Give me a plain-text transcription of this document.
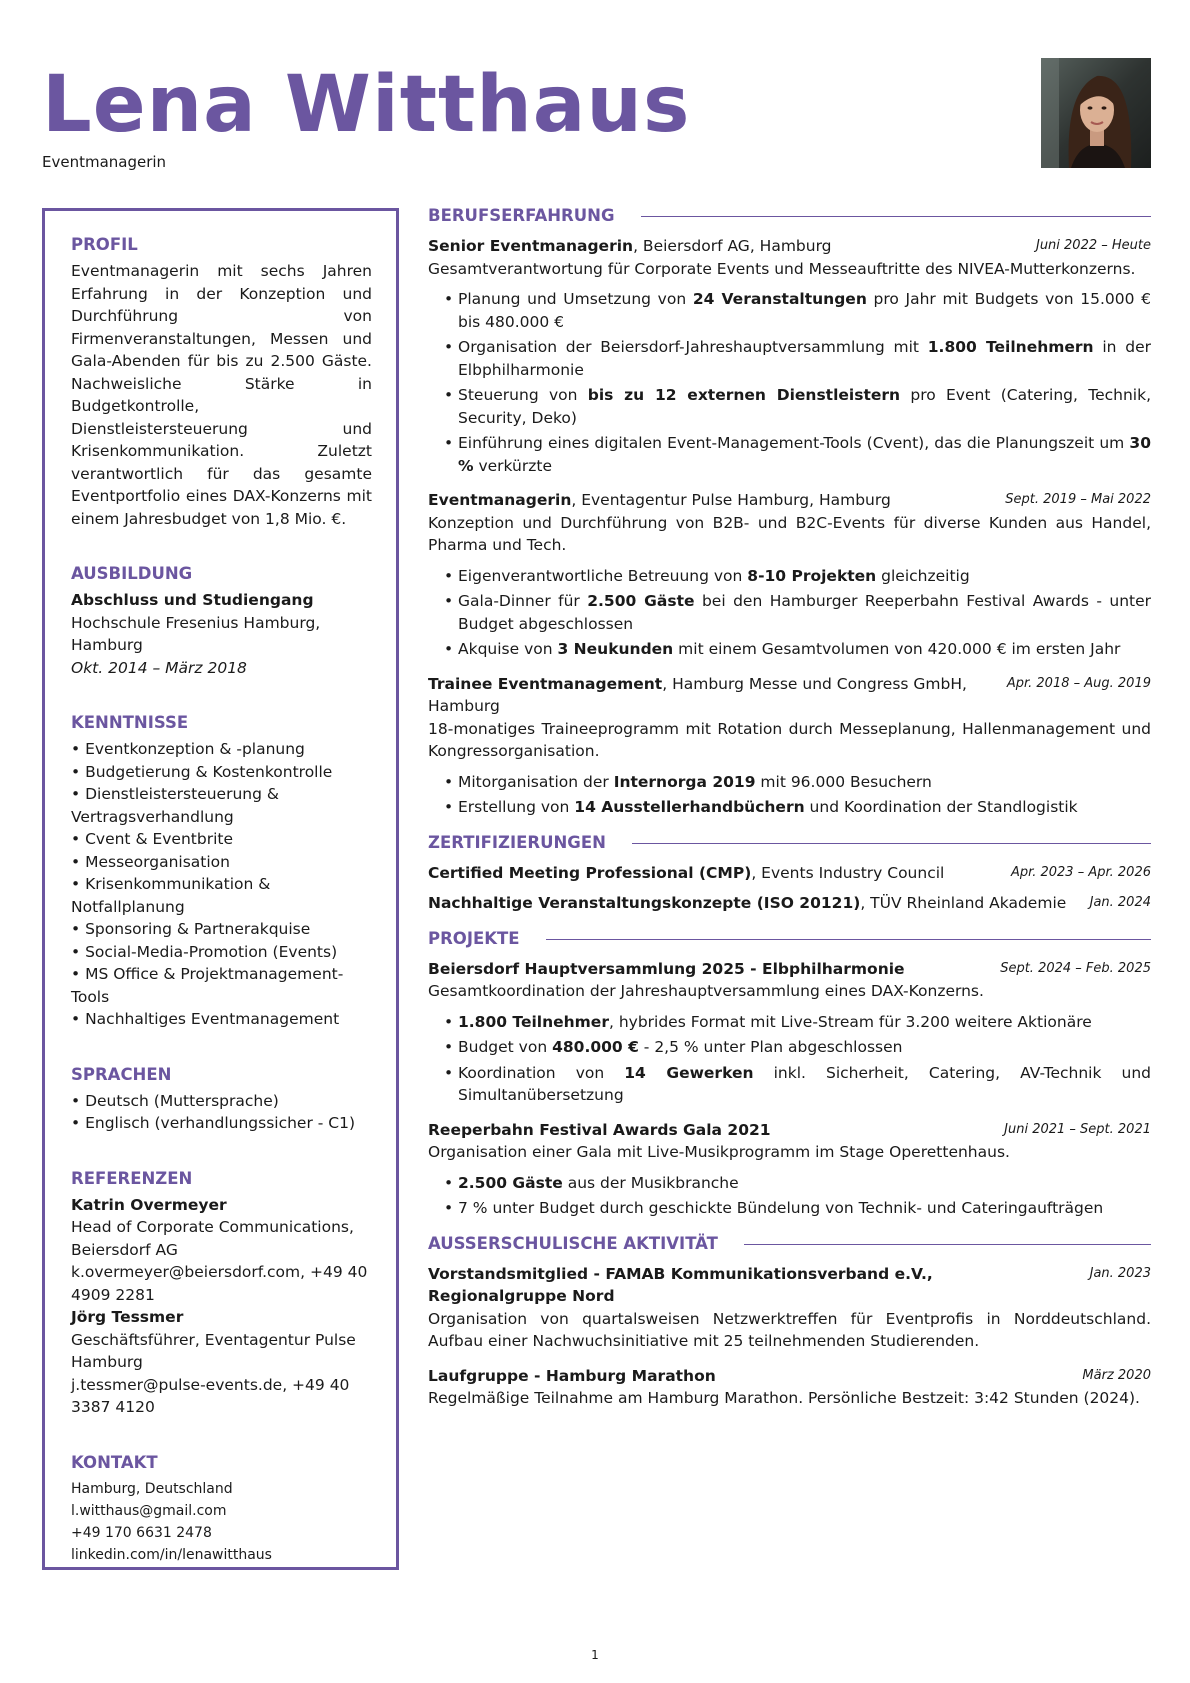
Lena Witthaus
Eventmanagerin
PROFIL

Eventmanagerin mit sechs Jahren Erfahrung in der Konzeption und Durchführung von Firmenveranstaltungen, Messen und Gala-Abenden für bis zu 2.500 Gäste. Nachweisliche Stärke in Budgetkontrolle, Dienstleistersteuerung und Krisenkommunikation. Zuletzt verantwortlich für das gesamte Eventportfolio eines DAX-Konzerns mit einem Jahresbudget von 1,8 Mio. €.

AUSBILDUNG
Abschluss und Studiengang
Hochschule Fresenius Hamburg, Hamburg
Okt. 2014 – März 2018
KENNTNISSE
• Eventkonzeption & -planung
• Budgetierung & Kostenkontrolle
• Dienstleistersteuerung & Vertragsverhandlung
• Cvent & Eventbrite
• Messeorganisation
• Krisenkommunikation & Notfallplanung
• Sponsoring & Partnerakquise
• Social-Media-Promotion (Events)
• MS Office & Projektmanagement-Tools
• Nachhaltiges Eventmanagement
SPRACHEN
• Deutsch (Muttersprache)
• Englisch (verhandlungssicher - C1)
REFERENZEN
Katrin Overmeyer
Head of Corporate Communications, Beiersdorf AG
k.overmeyer@beiersdorf.com, +49 40 4909 2281
Jörg Tessmer
Geschäftsführer, Eventagentur Pulse Hamburg
j.tessmer@pulse-events.de, +49 40 3387 4120
KONTAKT
Hamburg, Deutschland
l.witthaus@gmail.com
+49 170 6631 2478
linkedin.com/in/lenawitthaus
BERUFSERFAHRUNG
Senior Eventmanagerin, Beiersdorf AG, Hamburg	Juni 2022 – Heute

Gesamtverantwortung für Corporate Events und Messeauftritte des NIVEA-Mutterkonzerns.

• Planung und Umsetzung von 24 Veranstaltungen pro Jahr mit Budgets von 15.000 € bis 480.000 €
• Organisation der Beiersdorf-Jahreshauptversammlung mit 1.800 Teilnehmern in der Elbphilharmonie
• Steuerung von bis zu 12 externen Dienstleistern pro Event (Catering, Technik, Security, Deko)
• Einführung eines digitalen Event-Management-Tools (Cvent), das die Planungszeit um 30 % verkürzte
Eventmanagerin, Eventagentur Pulse Hamburg, Hamburg	Sept. 2019 – Mai 2022

Konzeption und Durchführung von B2B- und B2C-Events für diverse Kunden aus Handel, Pharma und Tech.

• Eigenverantwortliche Betreuung von 8-10 Projekten gleichzeitig
• Gala-Dinner für 2.500 Gäste bei den Hamburger Reeperbahn Festival Awards - unter Budget abgeschlossen
• Akquise von 3 Neukunden mit einem Gesamtvolumen von 420.000 € im ersten Jahr
Trainee Eventmanagement, Hamburg Messe und Congress GmbH, Hamburg
Apr. 2018 – Aug. 2019

18-monatiges Traineeprogramm mit Rotation durch Messeplanung, Hallenmanagement und Kongressorganisation.

• Mitorganisation der Internorga 2019 mit 96.000 Besuchern
• Erstellung von 14 Ausstellerhandbüchern und Koordination der Standlogistik
ZERTIFIZIERUNGEN
Certified Meeting Professional (CMP), Events Industry Council	Apr. 2023 – Apr. 2026
Nachhaltige Veranstaltungskonzepte (ISO 20121), TÜV Rheinland Akademie Jan. 2024
PROJEKTE
Beiersdorf Hauptversammlung 2025 - Elbphilharmonie	Sept. 2024 – Feb. 2025

Gesamtkoordination der Jahreshauptversammlung eines DAX-Konzerns.

• 1.800 Teilnehmer, hybrides Format mit Live-Stream für 3.200 weitere Aktionäre
• Budget von 480.000 € - 2,5 % unter Plan abgeschlossen
• Koordination von 14 Gewerken inkl. Sicherheit, Catering, AV-Technik und Simultanübersetzung
Reeperbahn Festival Awards Gala 2021	Juni 2021 – Sept. 2021

Organisation einer Gala mit Live-Musikprogramm im Stage Operettenhaus.

• 2.500 Gäste aus der Musikbranche
• 7 % unter Budget durch geschickte Bündelung von Technik- und Cateringaufträgen
AUSSERSCHULISCHE AKTIVITÄT
Vorstandsmitglied - FAMAB Kommunikationsverband e.V., Regionalgruppe Nord
Jan. 2023

Organisation von quartalsweisen Netzwerktreffen für Eventprofis in Norddeutschland. Aufbau einer Nachwuchsinitiative mit 25 teilnehmenden Studierenden.

Laufgruppe - Hamburg Marathon	März 2020

Regelmäßige Teilnahme am Hamburg Marathon. Persönliche Bestzeit: 3:42 Stunden (2024).

1
